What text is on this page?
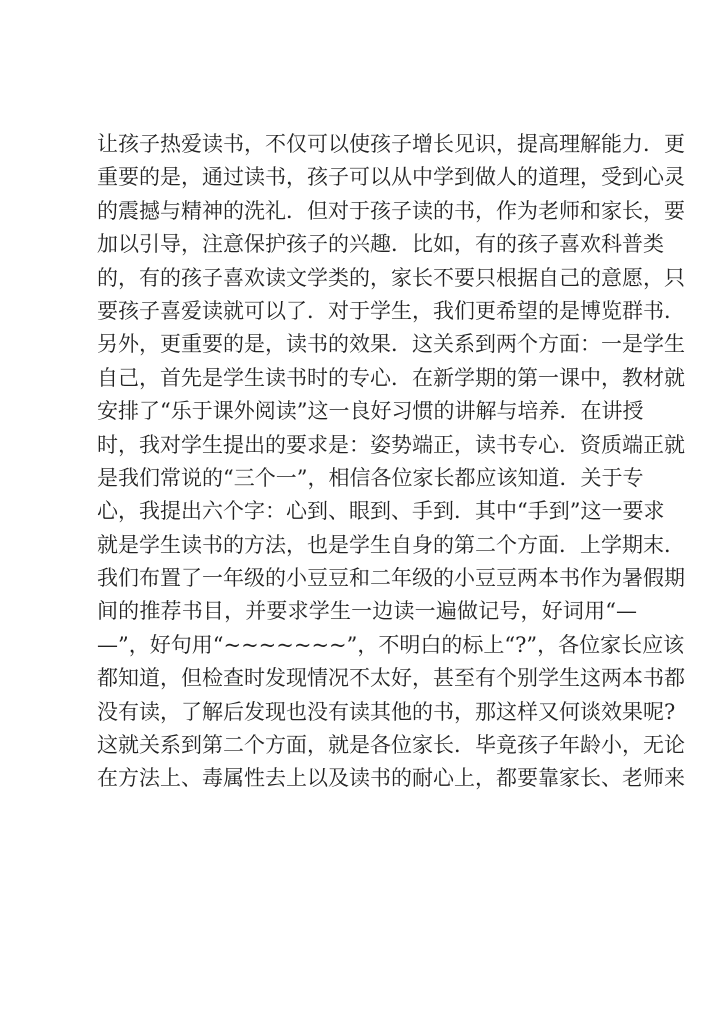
让孩子热爱读书，不仅可以使孩子增长见识，提高理解能力．更
重要的是，通过读书，孩子可以从中学到做人的道理，受到心灵
的震撼与精神的洗礼．但对于孩子读的书，作为老师和家长，要
加以引导，注意保护孩子的兴趣．比如，有的孩子喜欢科普类
的，有的孩子喜欢读文学类的，家长不要只根据自己的意愿，只
要孩子喜爱读就可以了．对于学生，我们更希望的是博览群书．
另外，更重要的是，读书的效果．这关系到两个方面：一是学生
自己，首先是学生读书时的专心．在新学期的第一课中，教材就
安排了“乐于课外阅读”这一良好习惯的讲解与培养．在讲授
时，我对学生提出的要求是：姿势端正，读书专心．资质端正就
是我们常说的“三个一”，相信各位家长都应该知道．关于专
心，我提出六个字：心到、眼到、手到．其中“手到”这一要求
就是学生读书的方法，也是学生自身的第二个方面．上学期末．
我们布置了一年级的小豆豆和二年级的小豆豆两本书作为暑假期
间的推荐书目，并要求学生一边读一遍做记号，好词用“—
—”，好句用“~~~~~~~”，不明白的标上“?”，各位家长应该
都知道，但检查时发现情况不太好，甚至有个别学生这两本书都
没有读，了解后发现也没有读其他的书，那这样又何谈效果呢?
这就关系到第二个方面，就是各位家长．毕竟孩子年龄小，无论
在方法上、毒属性去上以及读书的耐心上，都要靠家长、老师来
